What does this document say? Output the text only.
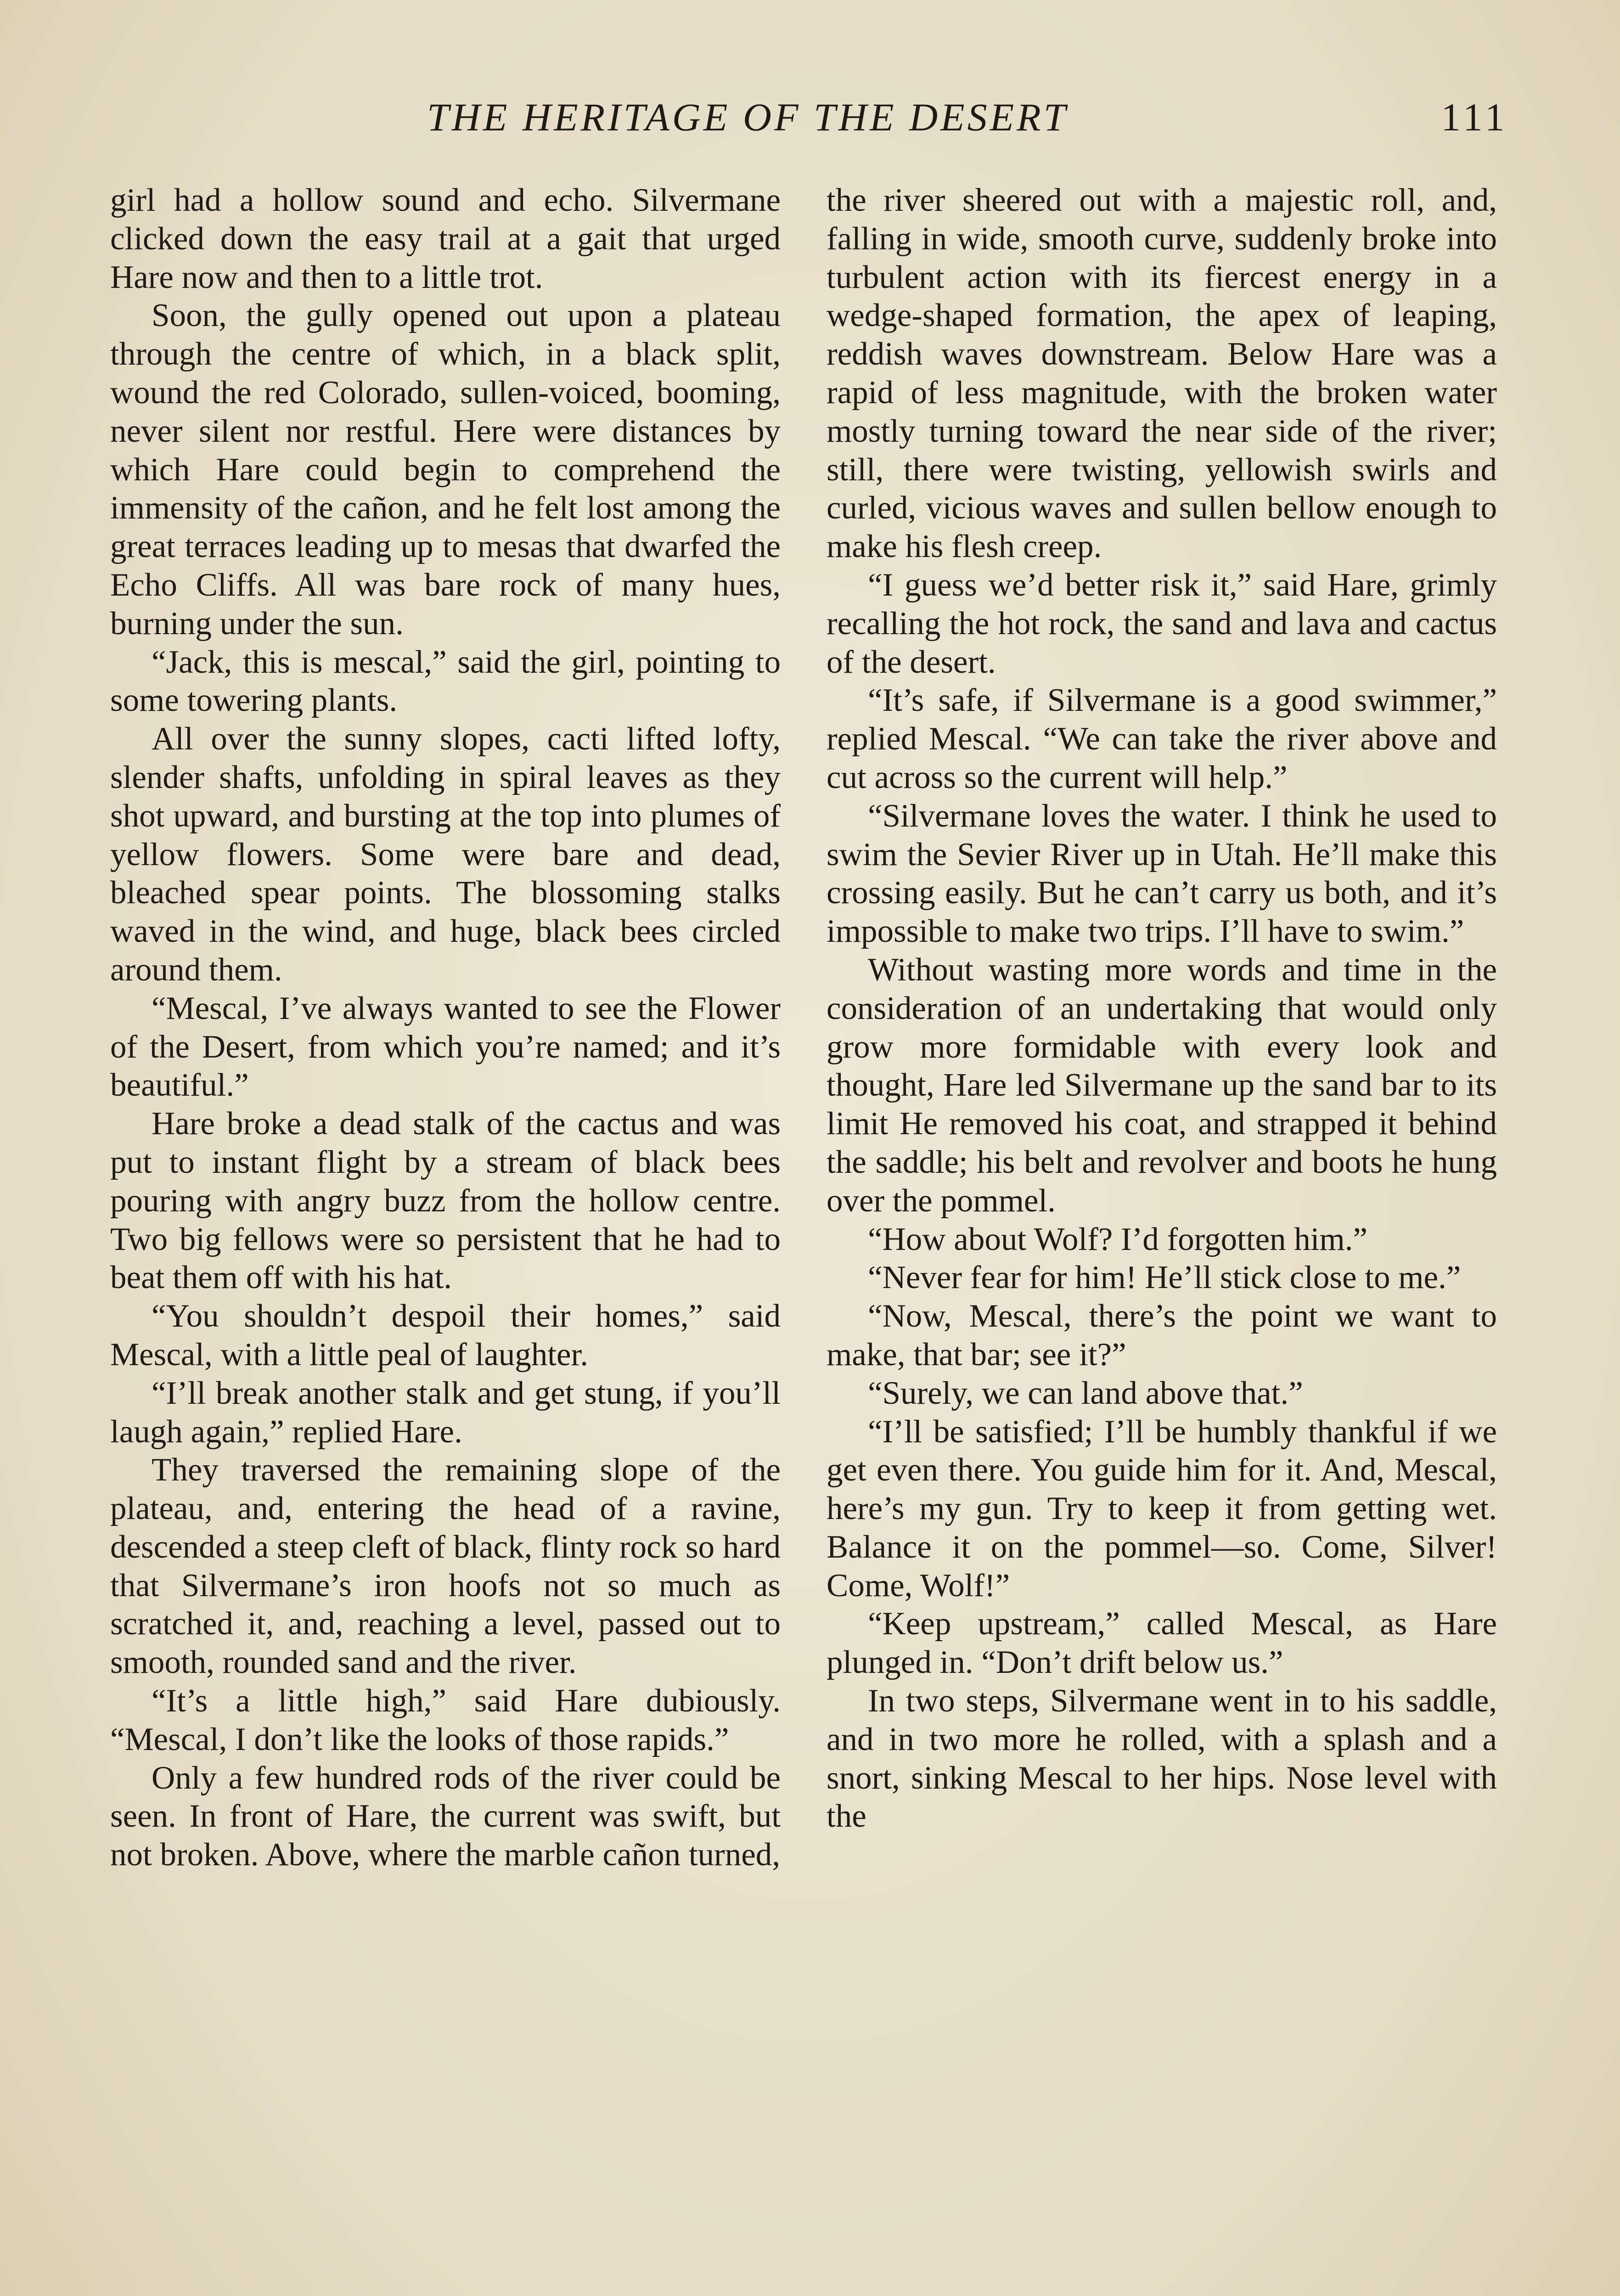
THE HERITAGE OF THE DESERT	111

girl had a hollow sound and echo. Silvermane clicked down the easy trail at a gait that urged Hare now and then to a little trot.

Soon, the gully opened out upon a plateau through the centre of which, in a black split, wound the red Colorado, sullen-voiced, booming, never silent nor restful. Here were distances by which Hare could begin to comprehend the immensity of the cañon, and he felt lost among the great terraces leading up to mesas that dwarfed the Echo Cliffs. All was bare rock of many hues, burning under the sun.

“Jack, this is mescal,” said the girl, pointing to some towering plants.

All over the sunny slopes, cacti lifted lofty, slender shafts, unfolding in spiral leaves as they shot upward, and bursting at the top into plumes of yellow flowers. Some were bare and dead, bleached spear points. The blossoming stalks waved in the wind, and huge, black bees circled around them.

“Mescal, I’ve always wanted to see the Flower of the Desert, from which you’re named; and it’s beautiful.”

Hare broke a dead stalk of the cactus and was put to instant flight by a stream of black bees pouring with angry buzz from the hollow centre. Two big fellows were so persistent that he had to beat them off with his hat.

“You shouldn’t despoil their homes,” said Mescal, with a little peal of laughter.

“I’ll break another stalk and get stung, if you’ll laugh again,” replied Hare.

They traversed the remaining slope of the plateau, and, entering the head of a ravine, descended a steep cleft of black, flinty rock so hard that Silvermane’s iron hoofs not so much as scratched it, and, reaching a level, passed out to smooth, rounded sand and the river.

“It’s a little high,” said Hare dubiously. “Mescal, I don’t like the looks of those rapids.”

Only a few hundred rods of the river could be seen. In front of Hare, the current was swift, but not broken. Above, where the marble cañon turned,

the river sheered out with a majestic roll, and, falling in wide, smooth curve, suddenly broke into turbulent action with its fiercest energy in a wedge-shaped formation, the apex of leaping, reddish waves downstream. Below Hare was a rapid of less magnitude, with the broken water mostly turning toward the near side of the river; still, there were twisting, yellowish swirls and curled, vicious waves and sullen bellow enough to make his flesh creep.

“I guess we’d better risk it,” said Hare, grimly recalling the hot rock, the sand and lava and cactus of the desert.

“It’s safe, if Silvermane is a good swimmer,” replied Mescal. “We can take the river above and cut across so the current will help.”

“Silvermane loves the water. I think he used to swim the Sevier River up in Utah. He’ll make this crossing easily. But he can’t carry us both, and it’s impossible to make two trips. I’ll have to swim.”

Without wasting more words and time in the consideration of an undertaking that would only grow more formidable with every look and thought, Hare led Silvermane up the sand bar to its limit He removed his coat, and strapped it behind the saddle; his belt and revolver and boots he hung over the pommel.

“How about Wolf? I’d forgotten him.”

“Never fear for him! He’ll stick close to me.”

“Now, Mescal, there’s the point we want to make, that bar; see it?”

“Surely, we can land above that.”

“I’ll be satisfied; I’ll be humbly thankful if we get even there. You guide him for it. And, Mescal, here’s my gun. Try to keep it from getting wet. Balance it on the pommel—so. Come, Silver! Come, Wolf!”

“Keep upstream,” called Mescal, as Hare plunged in. “Don’t drift below us.”

In two steps, Silvermane went in to his saddle, and in two more he rolled, with a splash and a snort, sinking Mescal to her hips. Nose level with the
